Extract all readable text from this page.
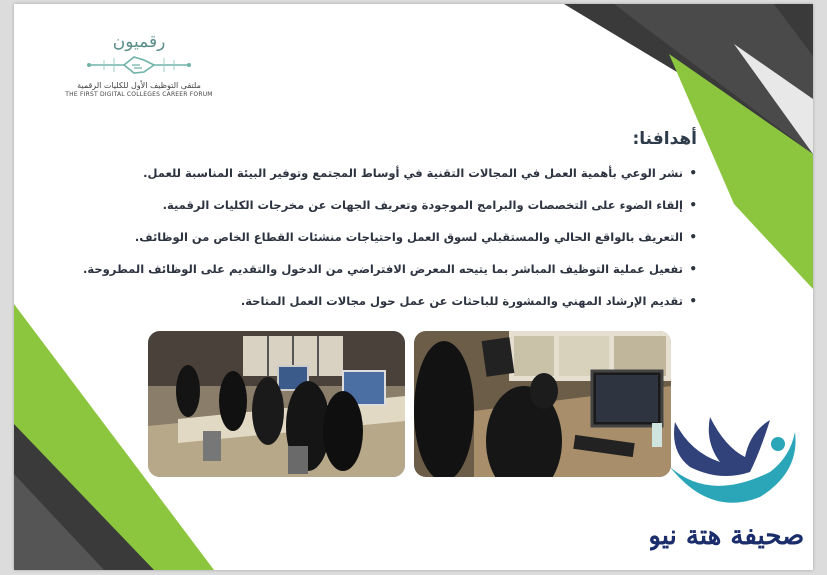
رقميون
ملتقى التوظيف الأول للكليات الرقمية
THE FIRST DIGITAL COLLEGES CAREER FORUM
أهدافنا:
•
نشر الوعي بأهمية العمل في المجالات التقنية في أوساط المجتمع وتوفير البيئة المناسبة للعمل.
•
إلقاء الضوء على التخصصات والبرامج الموجودة وتعريف الجهات عن مخرجات الكليات الرقمية.
•
التعريف بالواقع الحالي والمستقبلي لسوق العمل واحتياجات منشئات القطاع الخاص من الوظائف.
•
تفعيل عملية التوظيف المباشر بما يتيحه المعرض الافتراضي من الدخول والتقديم على الوظائف المطروحة.
•
تقديم الإرشاد المهني والمشورة للباحثات عن عمل حول مجالات العمل المتاحة.
صحيفة هتة نيوز
